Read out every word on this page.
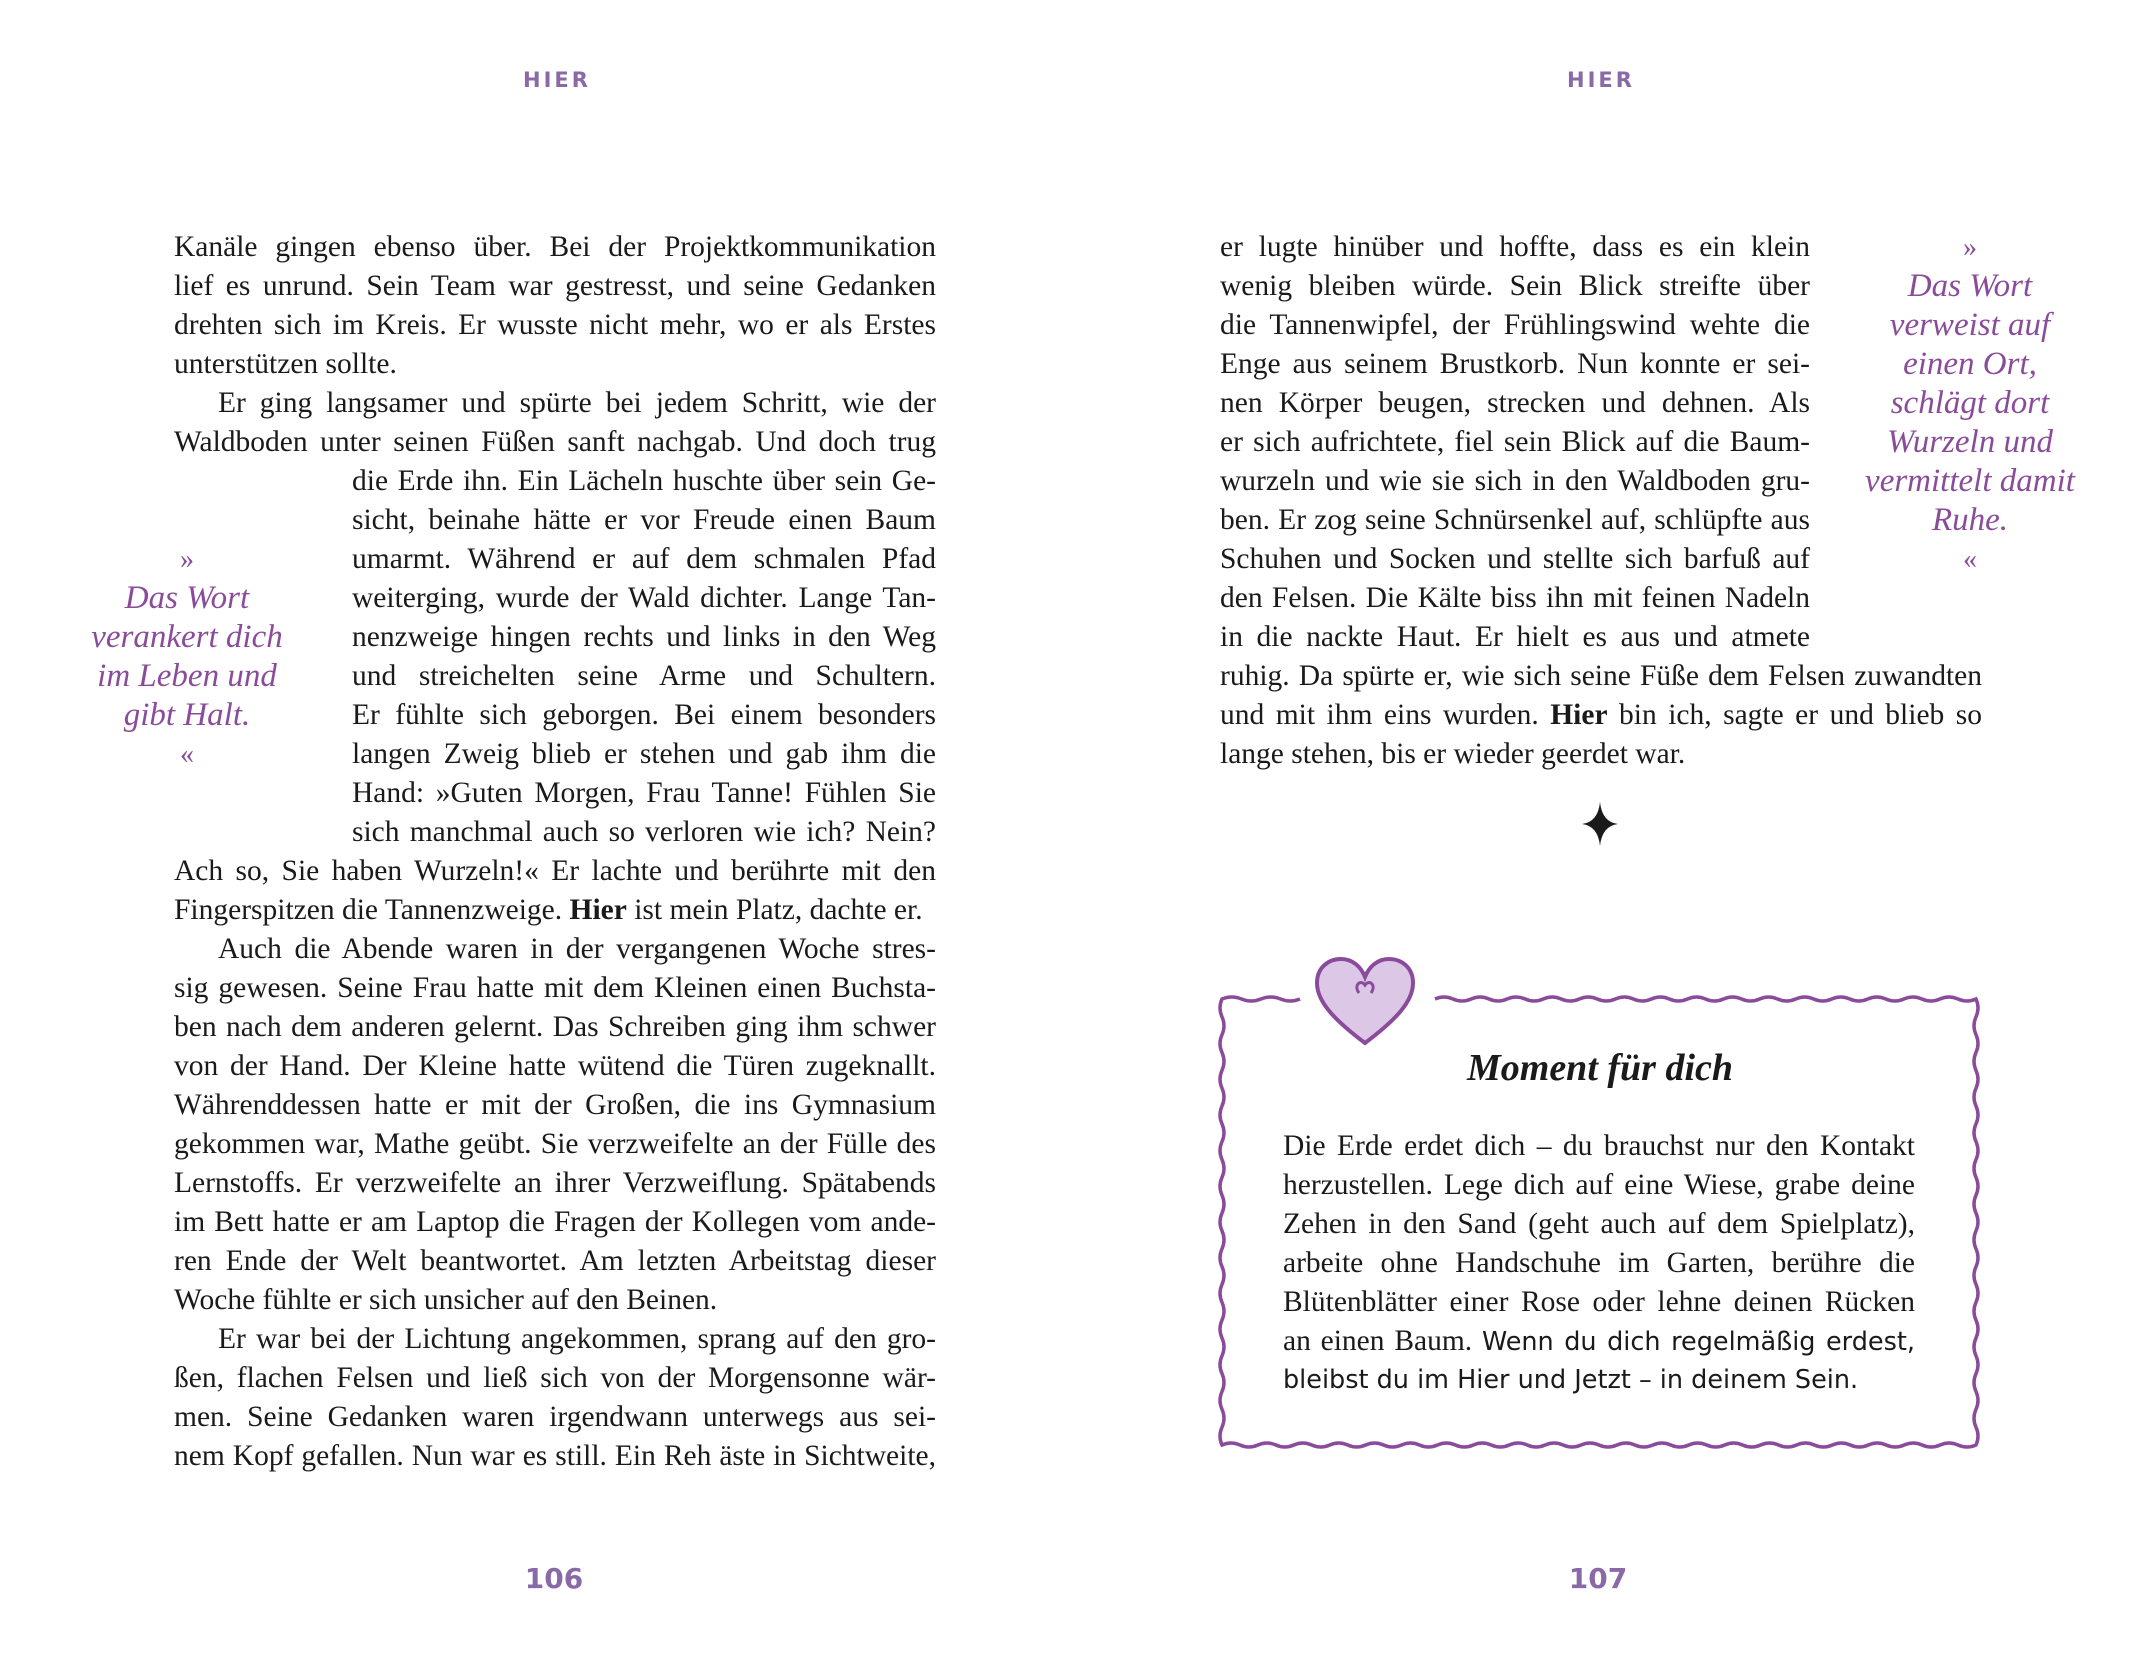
HIER
Kanäle gingen ebenso über. Bei der Projektkommunikation
lief es unrund. Sein Team war gestresst, und seine Gedanken
drehten sich im Kreis. Er wusste nicht mehr, wo er als Erstes
unterstützen sollte.
Er ging langsamer und spürte bei jedem Schritt, wie der
Waldboden unter seinen Füßen sanft nachgab. Und doch trug
die Erde ihn. Ein Lächeln huschte über sein Ge-
sicht, beinahe hätte er vor Freude einen Baum
umarmt. Während er auf dem schmalen Pfad
weiterging, wurde der Wald dichter. Lange Tan-
nenzweige hingen rechts und links in den Weg
und streichelten seine Arme und Schultern.
Er fühlte sich geborgen. Bei einem besonders
langen Zweig blieb er stehen und gab ihm die
Hand: »Guten Morgen, Frau Tanne! Fühlen Sie
sich manchmal auch so verloren wie ich? Nein?
Ach so, Sie haben Wurzeln!« Er lachte und berührte mit den
Fingerspitzen die Tannenzweige. Hier ist mein Platz, dachte er.
Auch die Abende waren in der vergangenen Woche stres-
sig gewesen. Seine Frau hatte mit dem Kleinen einen Buchsta-
ben nach dem anderen gelernt. Das Schreiben ging ihm schwer
von der Hand. Der Kleine hatte wütend die Türen zugeknallt.
Währenddessen hatte er mit der Großen, die ins Gymnasium
gekommen war, Mathe geübt. Sie verzweifelte an der Fülle des
Lernstoffs. Er verzweifelte an ihrer Verzweiflung. Spätabends
im Bett hatte er am Laptop die Fragen der Kollegen vom ande-
ren Ende der Welt beantwortet. Am letzten Arbeitstag dieser
Woche fühlte er sich unsicher auf den Beinen.
Er war bei der Lichtung angekommen, sprang auf den gro-
ßen, flachen Felsen und ließ sich von der Morgensonne wär-
men. Seine Gedanken waren irgendwann unterwegs aus sei-
nem Kopf gefallen. Nun war es still. Ein Reh äste in Sichtweite,
»
Das Wort
verankert dich
im Leben und
gibt Halt.
«
106
HIER
er lugte hinüber und hoffte, dass es ein klein
wenig bleiben würde. Sein Blick streifte über
die Tannenwipfel, der Frühlingswind wehte die
Enge aus seinem Brustkorb. Nun konnte er sei-
nen Körper beugen, strecken und dehnen. Als
er sich aufrichtete, fiel sein Blick auf die Baum-
wurzeln und wie sie sich in den Waldboden gru-
ben. Er zog seine Schnürsenkel auf, schlüpfte aus
Schuhen und Socken und stellte sich barfuß auf
den Felsen. Die Kälte biss ihn mit feinen Nadeln
in die nackte Haut. Er hielt es aus und atmete
ruhig. Da spürte er, wie sich seine Füße dem Felsen zuwandten
und mit ihm eins wurden. Hier bin ich, sagte er und blieb so
lange stehen, bis er wieder geerdet war.
»
Das Wort
verweist auf
einen Ort,
schlägt dort
Wurzeln und
vermittelt damit
Ruhe.
«
Moment für dich
Die Erde erdet dich – du brauchst nur den Kontakt
herzustellen. Lege dich auf eine Wiese, grabe deine
Zehen in den Sand (geht auch auf dem Spielplatz),
arbeite ohne Handschuhe im Garten, berühre die
Blütenblätter einer Rose oder lehne deinen Rücken
an einen Baum. Wenn du dich regelmäßig erdest,
bleibst du im Hier und Jetzt – in deinem Sein.
107
